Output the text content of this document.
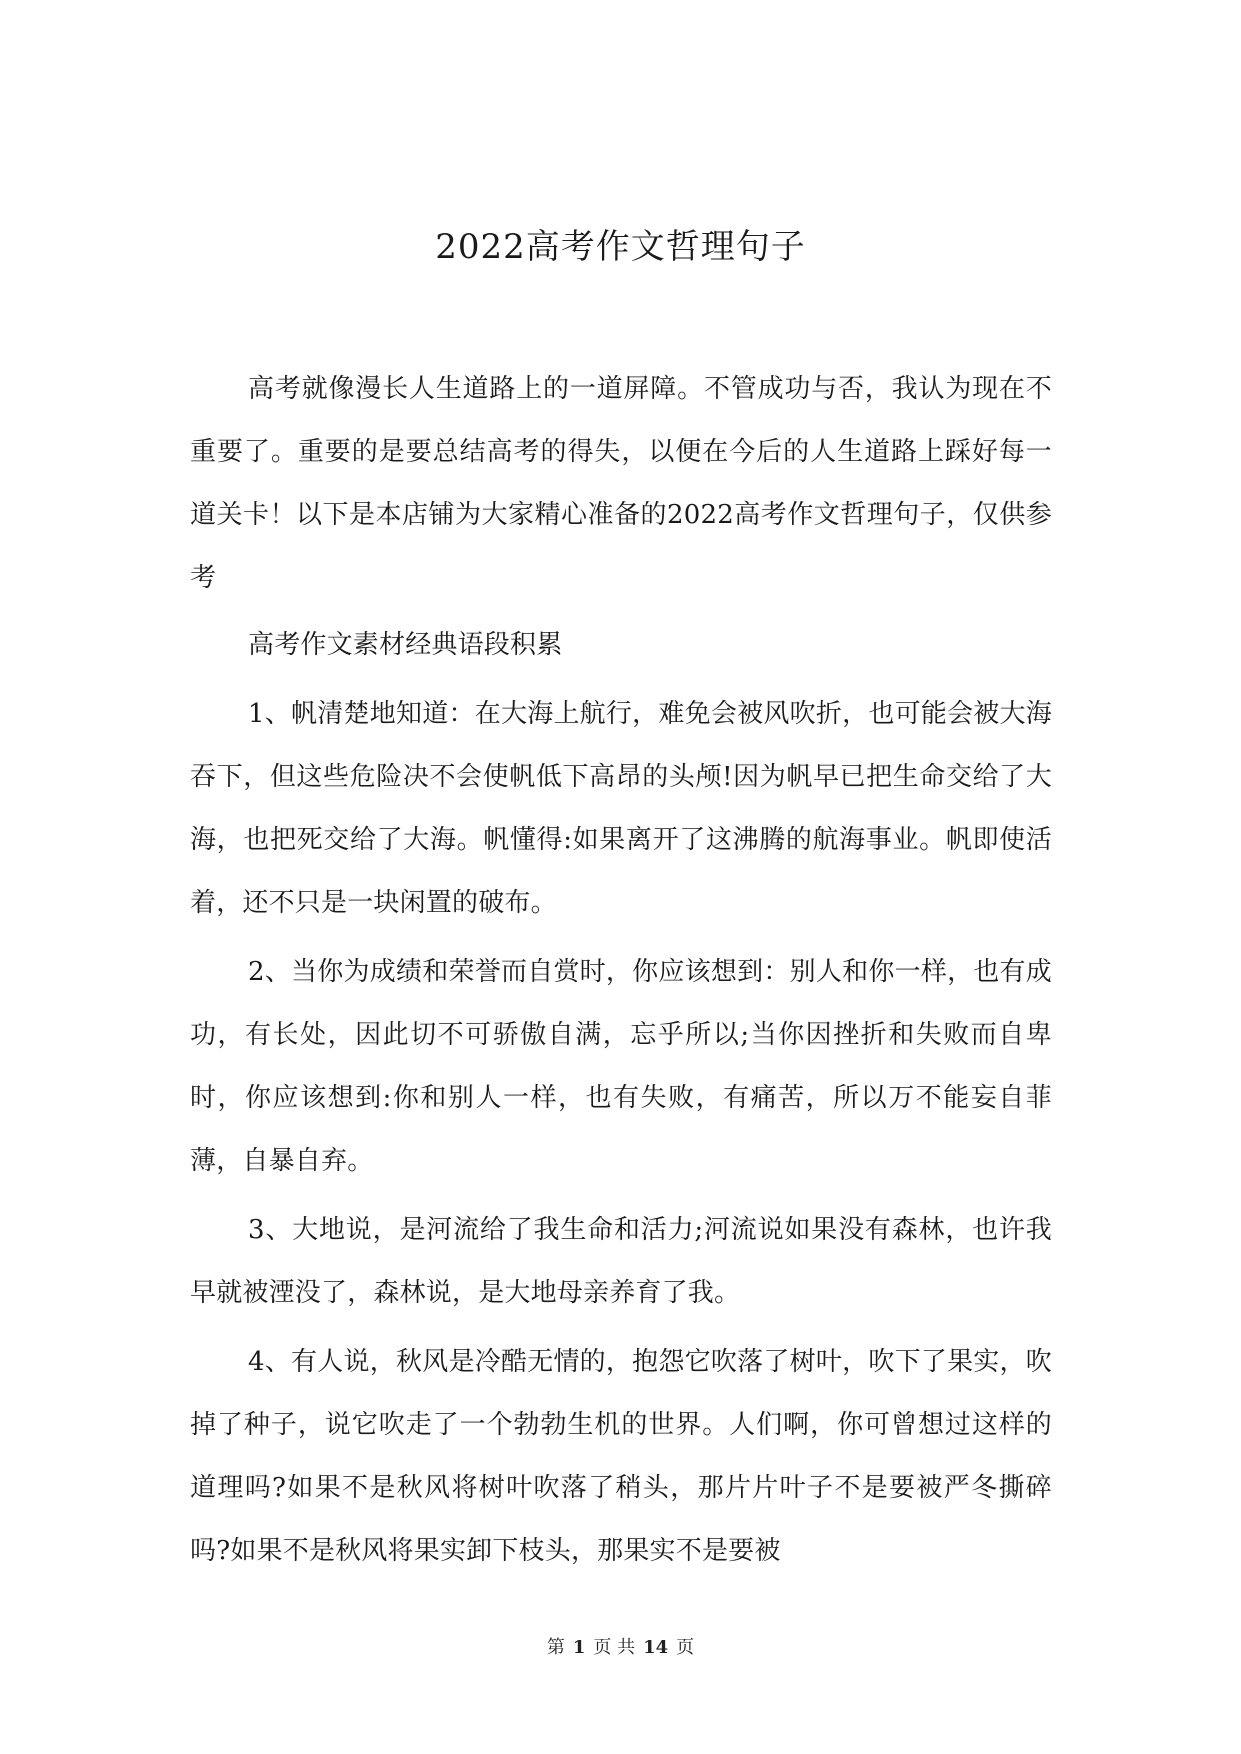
2022高考作文哲理句子

高考就像漫长人生道路上的一道屏障。不管成功与否，我认为现在不重要了。重要的是要总结高考的得失，以便在今后的人生道路上踩好每一道关卡！以下是本店铺为大家精心准备的2022高考作文哲理句子，仅供参考

高考作文素材经典语段积累

1、帆清楚地知道：在大海上航行，难免会被风吹折，也可能会被大海吞下，但这些危险决不会使帆低下高昂的头颅!因为帆早已把生命交给了大海，也把死交给了大海。帆懂得:如果离开了这沸腾的航海事业。帆即使活着，还不只是一块闲置的破布。

2、当你为成绩和荣誉而自赏时，你应该想到：别人和你一样，也有成功，有长处，因此切不可骄傲自满，忘乎所以;当你因挫折和失败而自卑时，你应该想到:你和别人一样，也有失败，有痛苦，所以万不能妄自菲薄，自暴自弃。

3、大地说，是河流给了我生命和活力;河流说如果没有森林，也许我早就被湮没了，森林说，是大地母亲养育了我。

4、有人说，秋风是冷酷无情的，抱怨它吹落了树叶，吹下了果实，吹掉了种子，说它吹走了一个勃勃生机的世界。人们啊，你可曾想过这样的道理吗?如果不是秋风将树叶吹落了稍头，那片片叶子不是要被严冬撕碎吗?如果不是秋风将果实卸下枝头，那果实不是要被

第 1 页 共 14 页
